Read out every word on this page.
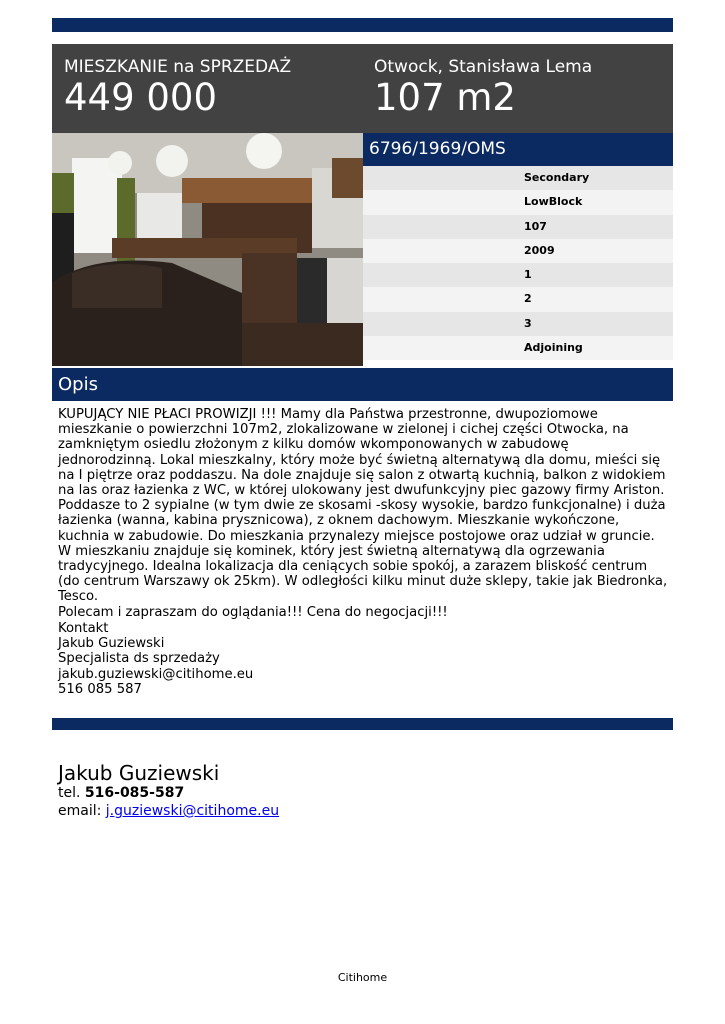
MIESZKANIE na SPRZEDAŻ
449 000
Otwock, Stanisława Lema
107 m2
6796/1969/OMS
Secondary
LowBlock
107
2009
1
2
3
Adjoining
Opis

KUPUJĄCY NIE PŁACI PROWIZJI !!! Mamy dla Państwa przestronne, dwupoziomowe mieszkanie o powierzchni 107m2, zlokalizowane w zielonej i cichej części Otwocka, na zamkniętym osiedlu złożonym z kilku domów wkomponowanych w zabudowę jednorodzinną. Lokal mieszkalny, który może być świetną alternatywą dla domu, mieści się na I piętrze oraz poddaszu. Na dole znajduje się salon z otwartą kuchnią, balkon z widokiem na las oraz łazienka z WC, w której ulokowany jest dwufunkcyjny piec gazowy firmy Ariston. Poddasze to 2 sypialne (w tym dwie ze skosami -skosy wysokie, bardzo funkcjonalne) i duża łazienka (wanna, kabina prysznicowa), z oknem dachowym. Mieszkanie wykończone, kuchnia w zabudowie. Do mieszkania przynalezy miejsce postojowe oraz udział w gruncie. W mieszkaniu znajduje się kominek, który jest świetną alternatywą dla ogrzewania tradycyjnego. Idealna lokalizacja dla ceniących sobie spokój, a zarazem bliskość centrum (do centrum Warszawy ok 25km). W odległości kilku minut duże sklepy, takie jak Biedronka, Tesco.

Polecam i zapraszam do oglądania!!! Cena do negocjacji!!!

Kontakt
Jakub Guziewski
Specjalista ds sprzedaży
jakub.guziewski@citihome.eu
516 085 587
Jakub Guziewski
tel. 516-085-587
email: j.guziewski@citihome.eu
Citihome
